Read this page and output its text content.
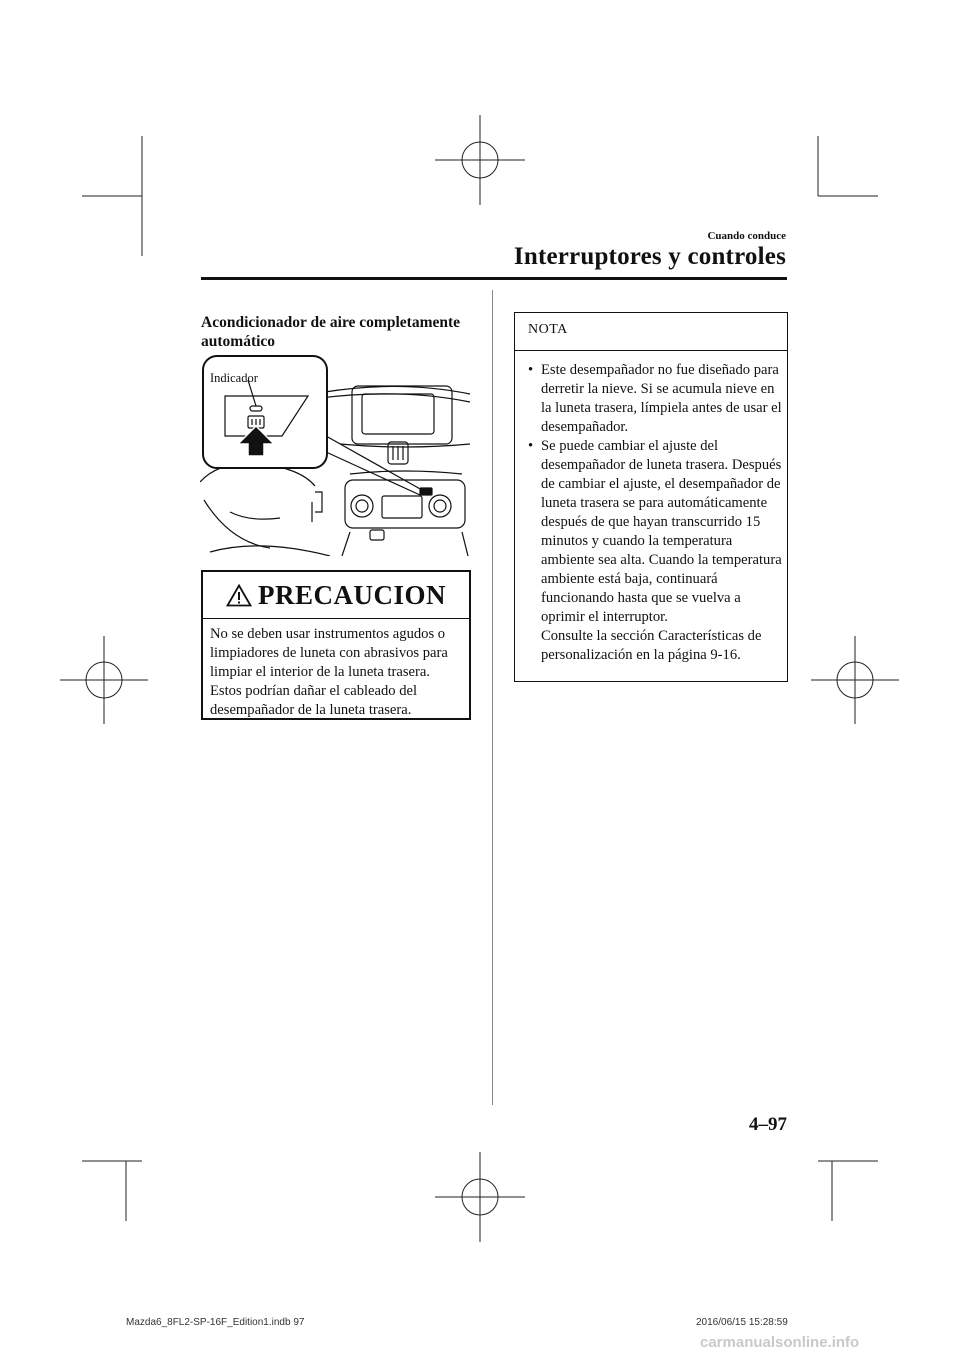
Cuando conduce
Interruptores y controles
Acondicionador de aire completamente automático
Indicador
PRECAUCION
No se deben usar instrumentos agudos o limpiadores de luneta con abrasivos para limpiar el interior de la luneta trasera. Estos podrían dañar el cableado del desempañador de la luneta trasera.
NOTA
• Este desempañador no fue diseñado para derretir la nieve. Si se acumula nieve en la luneta trasera, límpiela antes de usar el desempañador.
• Se puede cambiar el ajuste del desempañador de luneta trasera. Después de cambiar el ajuste, el desempañador de luneta trasera se para automáticamente después de que hayan transcurrido 15 minutos y cuando la temperatura ambiente sea alta. Cuando la temperatura ambiente está baja, continuará funcionando hasta que se vuelva a oprimir el interruptor.
Consulte la sección Características de personalización en la página 9-16.
4–97
Mazda6_8FL2-SP-16F_Edition1.indb 97	2016/06/15 15:28:59
carmanualsonline.info
